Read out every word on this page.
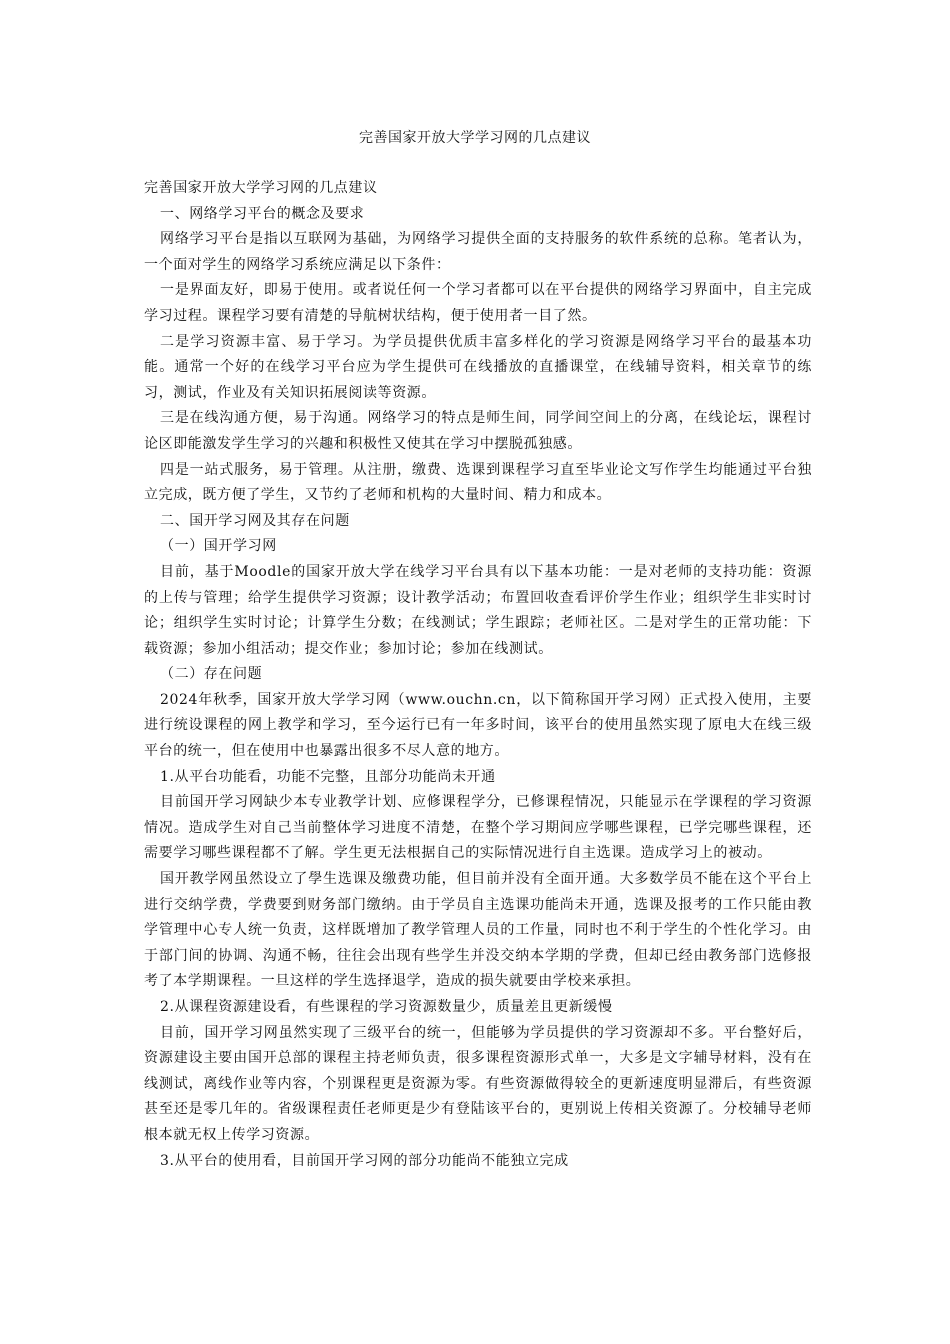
完善国家开放大学学习网的几点建议

完善国家开放大学学习网的几点建议

一、网络学习平台的概念及要求

网络学习平台是指以互联网为基础，为网络学习提供全面的支持服务的软件系统的总称。笔者认为，一个面对学生的网络学习系统应满足以下条件：

一是界面友好，即易于使用。或者说任何一个学习者都可以在平台提供的网络学习界面中，自主完成学习过程。课程学习要有清楚的导航树状结构，便于使用者一目了然。

二是学习资源丰富、易于学习。为学员提供优质丰富多样化的学习资源是网络学习平台的最基本功能。通常一个好的在线学习平台应为学生提供可在线播放的直播课堂，在线辅导资料，相关章节的练习，测试，作业及有关知识拓展阅读等资源。

三是在线沟通方便，易于沟通。网络学习的特点是师生间，同学间空间上的分离，在线论坛，课程讨论区即能激发学生学习的兴趣和积极性又使其在学习中摆脱孤独感。

四是一站式服务，易于管理。从注册，缴费、选课到课程学习直至毕业论文写作学生均能通过平台独立完成，既方便了学生，又节约了老师和机构的大量时间、精力和成本。

二、国开学习网及其存在问题

（一）国开学习网

目前，基于Moodle的国家开放大学在线学习平台具有以下基本功能：一是对老师的支持功能：资源的上传与管理；给学生提供学习资源；设计教学活动；布置回收查看评价学生作业；组织学生非实时讨论；组织学生实时讨论；计算学生分数；在线测试；学生跟踪；老师社区。二是对学生的正常功能：下载资源；参加小组活动；提交作业；参加讨论；参加在线测试。

（二）存在问题

2024年秋季，国家开放大学学习网（www.ouchn.cn，以下简称国开学习网）正式投入使用，主要进行统设课程的网上教学和学习，至今运行已有一年多时间，该平台的使用虽然实现了原电大在线三级平台的统一，但在使用中也暴露出很多不尽人意的地方。

1.从平台功能看，功能不完整，且部分功能尚未开通

目前国开学习网缺少本专业教学计划、应修课程学分，已修课程情况，只能显示在学课程的学习资源情况。造成学生对自己当前整体学习进度不清楚，在整个学习期间应学哪些课程，已学完哪些课程，还需要学习哪些课程都不了解。学生更无法根据自己的实际情况进行自主选课。造成学习上的被动。

国开教学网虽然设立了學生选课及缴费功能，但目前并没有全面开通。大多数学员不能在这个平台上进行交纳学费，学费要到财务部门缴纳。由于学员自主选课功能尚未开通，选课及报考的工作只能由教学管理中心专人统一负责，这样既增加了教学管理人员的工作量，同时也不利于学生的个性化学习。由于部门间的协调、沟通不畅，往往会出现有些学生并没交纳本学期的学费，但却已经由教务部门选修报考了本学期课程。一旦这样的学生选择退学，造成的损失就要由学校来承担。

2.从课程资源建设看，有些课程的学习资源数量少，质量差且更新缓慢

目前，国开学习网虽然实现了三级平台的统一，但能够为学员提供的学习资源却不多。平台整好后，资源建设主要由国开总部的课程主持老师负责，很多课程资源形式单一，大多是文字辅导材料，没有在线测试，离线作业等内容，个别课程更是资源为零。有些资源做得较全的更新速度明显滞后，有些资源甚至还是零几年的。省级课程责任老师更是少有登陆该平台的，更别说上传相关资源了。分校辅导老师根本就无权上传学习资源。

3.从平台的使用看，目前国开学习网的部分功能尚不能独立完成
